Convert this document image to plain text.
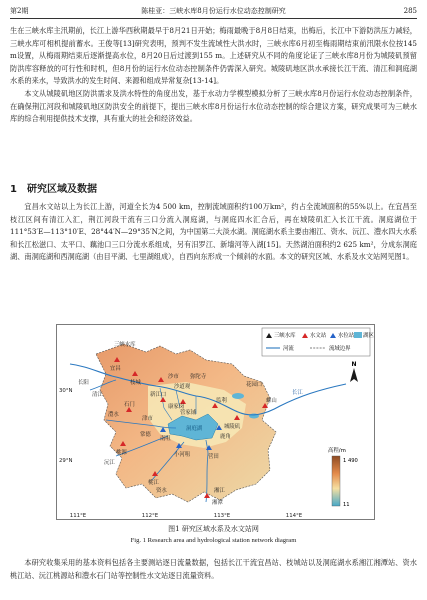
第2期	陈桂亚：三峡水库8月份运行水位动态控制研究	285

生在三峡水库主汛期前，长江上游华西秋期最早于8月21日开始；梅雨最晚于8月8日结束，出梅后，长江中下游防洪压力减轻，三峡水库可相机提前蓄水。王俊等[13]研究表明，预判不发生流域性大洪水时，三峡水库6月初至梅雨期结束前汛限水位按145 m设置，从梅雨期结束后逐渐提高水位，8月20日后过渡到155 m。上述研究从不同的角度论证了三峡水库8月份为城陵矶预留防洪库容释放的可行性和时机，但8月份的运行水位动态控制条件仍需深入研究。城陵矶地区洪水承接长江干流、清江和洞庭湖水系的来水，导致洪水的发生时间、来源和组成异常复杂[13-14]。

本文从城陵矶地区防洪需求及洪水特性的角度出发，基于水动力学模型模拟分析了三峡水库8月份运行水位动态控制条件，在确保荆江河段和城陵矶地区防洪安全的前提下，提出三峡水库8月份运行水位动态控制的综合建议方案，研究成果可为三峡水库的综合利用提供技术支撑，具有重大的社会和经济效益。

1 研究区域及数据

宜昌水文站以上为长江上游，河道全长为4 500 km，控制流域面积约100万km²，约占全流域面积的55%以上。在宜昌至枝江区间有清江入汇，荆江河段干流有三口分流入洞庭湖，与洞庭四水汇合后，再在城陵矶汇入长江干流。洞庭湖位于111°53′E—113°10′E、28°44′N—29°35′N之间，为中国第二大淡水湖。洞庭湖水系主要由湘江、资水、沅江、澧水四大水系和长江松滋口、太平口、藕池口三口分流水系组成，另有汨罗江、新墙河等入湖[15]。天然湖泊面积约2 625 km²，分成东洞庭湖、南洞庭湖和西洞庭湖（由目平湖、七里湖组成），自西向东形成一个倾斜的水面。本文的研究区域、水系及水文站网见图1。

三峡水库
宜昌
长阳
清江
枝城
沙市
新江口
沙道观
弥陀寺
监利	螺山
城陵矶
管家铺
康家岗
石门
澧水
津市
常德
桃源
沅江
南咀
小河咀
桃江
资水
营田
湘潭
湘江
鹿角
花园口
洞庭湖
长江
三峡水库	水文站 水位站 湖区
河流	流域边界
N
高程/m
1 490
11
111°E	112°E	113°E	114°E
30°N
29°N
图1 研究区域水系及水文站网
Fig. 1 Research area and hydrological station network diagram

本研究收集采用的基本资料包括各主要测站逐日流量数据，包括长江干流宜昌站、枝城站以及洞庭湖水系湘江湘潭站、资水桃江站、沅江桃源站和澧水石门站等控制性水文站逐日流量资料。
